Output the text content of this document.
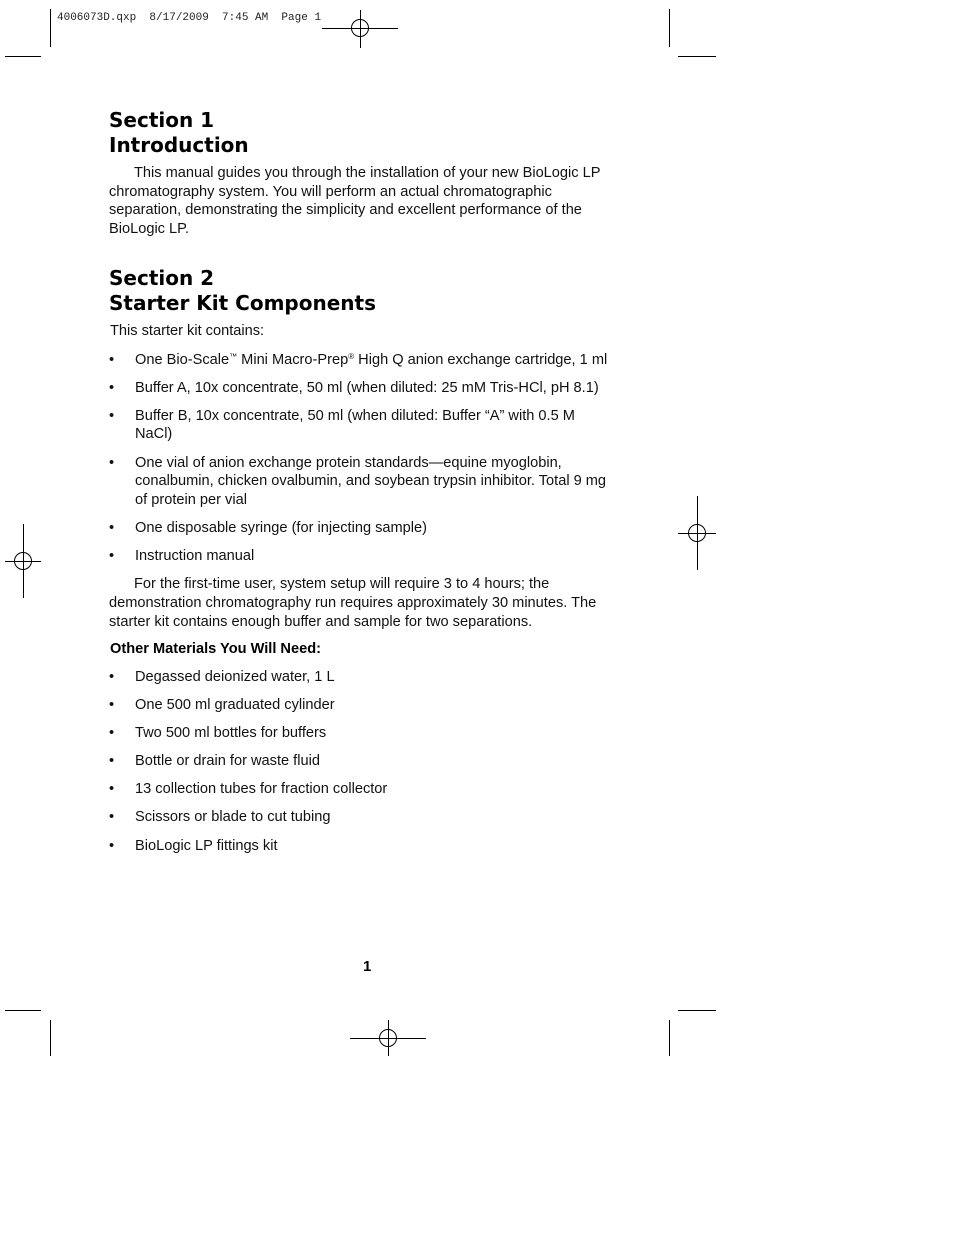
4006073D.qxp  8/17/2009  7:45 AM  Page 1
Section 1
Introduction

This manual guides you through the installation of your new BioLogic LP chromatography system. You will perform an actual chromatographic separation, demonstrating the simplicity and excellent performance of the BioLogic LP.

Section 2
Starter Kit Components

This starter kit contains:

• One Bio-Scale™ Mini Macro-Prep® High Q anion exchange cartridge, 1 ml
• Buffer A, 10x concentrate, 50 ml (when diluted: 25 mM Tris-HCl, pH 8.1)
• Buffer B, 10x concentrate, 50 ml (when diluted: Buffer “A” with 0.5 M NaCl)
• One vial of anion exchange protein standards—equine myoglobin, conalbumin, chicken ovalbumin, and soybean trypsin inhibitor. Total 9 mg of protein per vial
• One disposable syringe (for injecting sample)
• Instruction manual

For the first-time user, system setup will require 3 to 4 hours; the demonstration chromatography run requires approximately 30 minutes. The starter kit contains enough buffer and sample for two separations.

Other Materials You Will Need:

• Degassed deionized water, 1 L
• One 500 ml graduated cylinder
• Two 500 ml bottles for buffers
• Bottle or drain for waste fluid
• 13 collection tubes for fraction collector
• Scissors or blade to cut tubing
• BioLogic LP fittings kit
1
